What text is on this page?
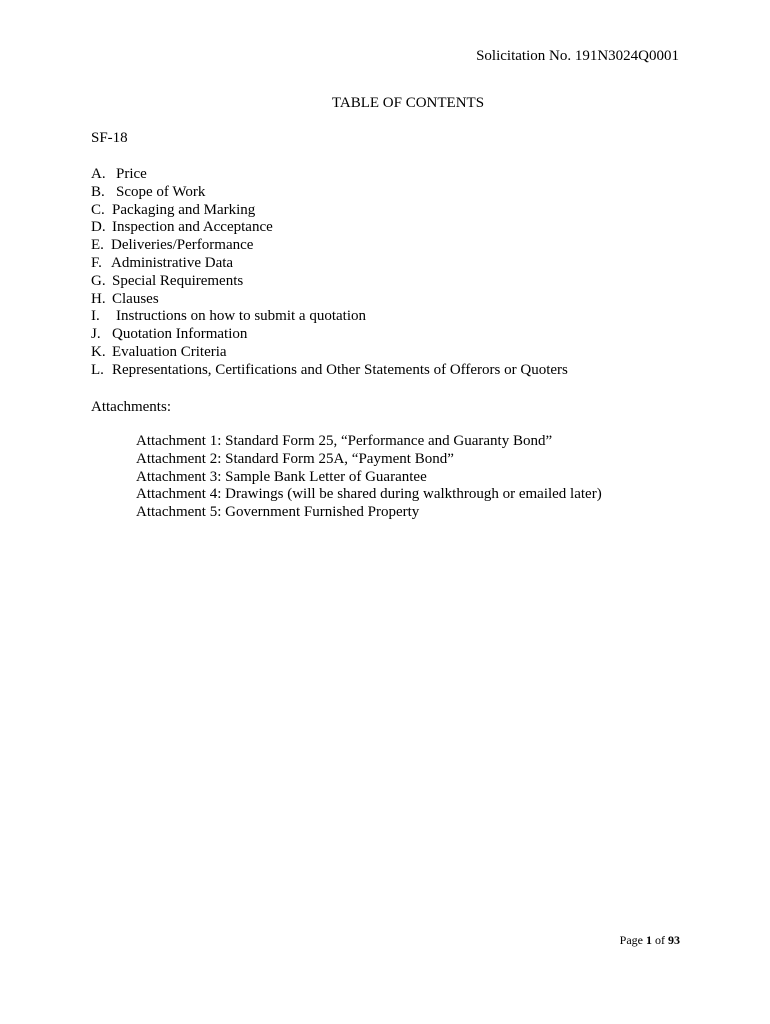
Solicitation No. 191N3024Q0001
TABLE OF CONTENTS
SF-18
A. Price
B. Scope of Work
C. Packaging and Marking
D. Inspection and Acceptance
E. Deliveries/Performance
F. Administrative Data
G. Special Requirements
H. Clauses
I.	Instructions on how to submit a quotation
J. Quotation Information
K. Evaluation Criteria
L. Representations, Certifications and Other Statements of Offerors or Quoters
Attachments:
Attachment 1: Standard Form 25, “Performance and Guaranty Bond”
Attachment 2: Standard Form 25A, “Payment Bond”
Attachment 3: Sample Bank Letter of Guarantee
Attachment 4: Drawings (will be shared during walkthrough or emailed later)
Attachment 5: Government Furnished Property
Page 1 of 93
